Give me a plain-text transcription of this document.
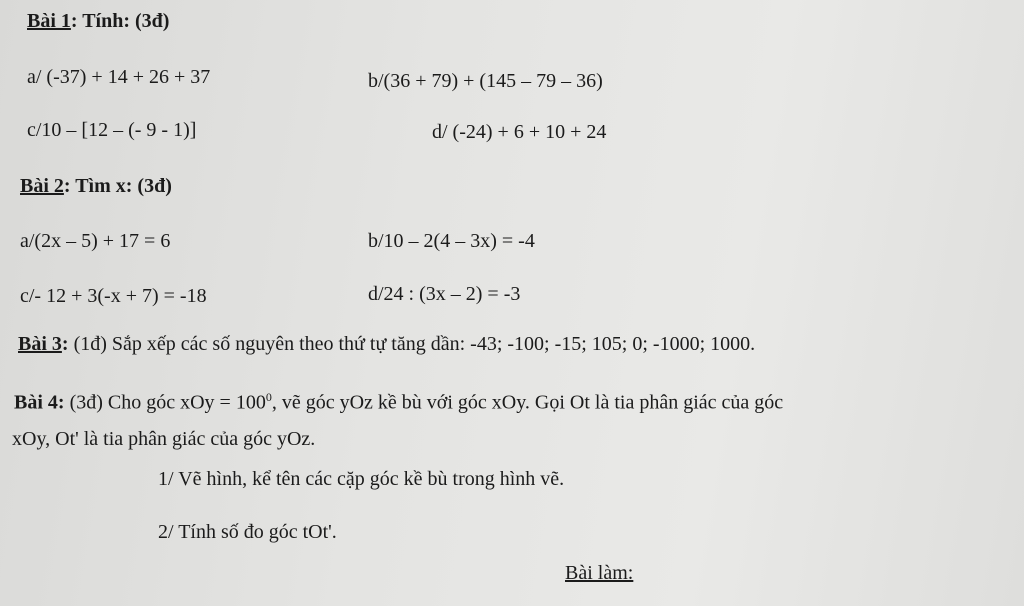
Bài 1: Tính: (3đ)
a/ (-37) + 14 + 26 + 37	b/(36 + 79) + (145 – 79 – 36)
c/10 – [12 – (- 9 - 1)]	d/ (-24) + 6 + 10 + 24
Bài 2: Tìm x: (3đ)
a/(2x – 5) + 17 = 6	b/10 – 2(4 – 3x) = -4
c/- 12 + 3(-x + 7) = -18	d/24 : (3x – 2) = -3
Bài 3: (1đ) Sắp xếp các số nguyên theo thứ tự tăng dần: -43; -100; -15; 105; 0; -1000; 1000.
Bài 4: (3đ) Cho góc xOy = $100^0$, vẽ góc yOz kề bù với góc xOy. Gọi Ot là tia phân giác của góc
xOy, Ot' là tia phân giác của góc yOz.
1/ Vẽ hình, kể tên các cặp góc kề bù trong hình vẽ.
2/ Tính số đo góc tOt'.
Bài làm:
